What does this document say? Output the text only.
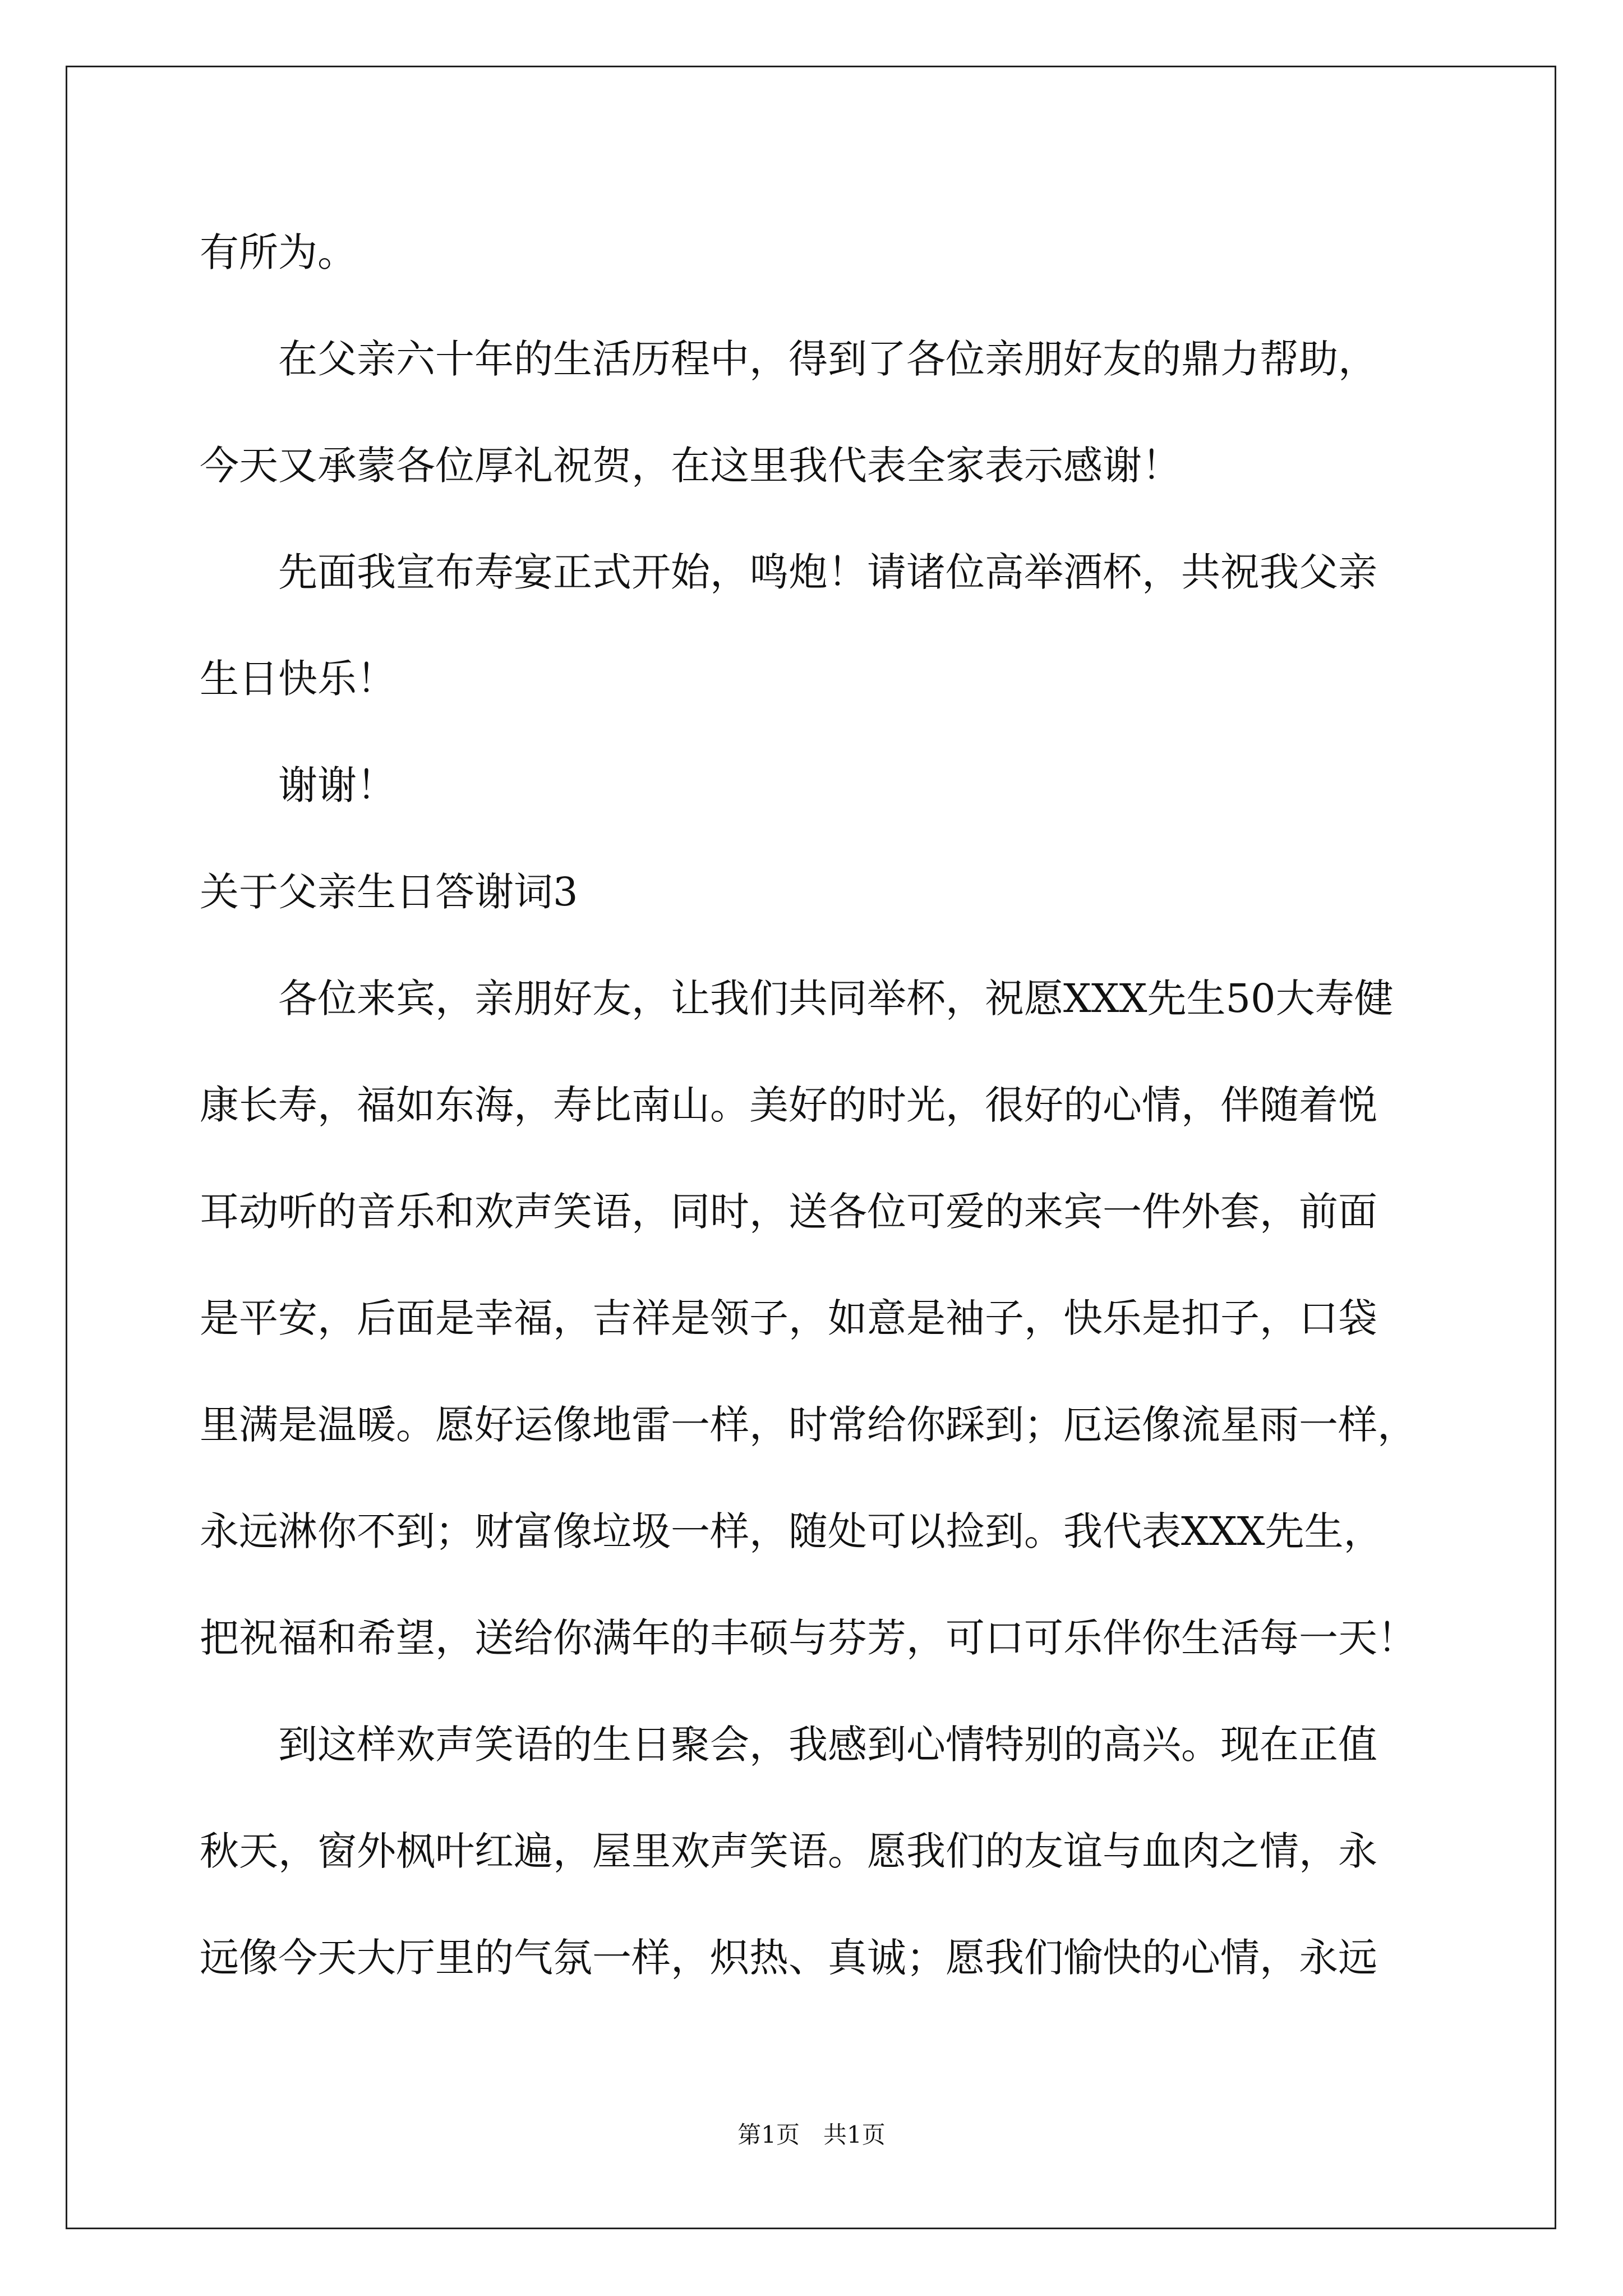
有所为。
　　在父亲六十年的生活历程中，得到了各位亲朋好友的鼎力帮助，
今天又承蒙各位厚礼祝贺，在这里我代表全家表示感谢！
　　先面我宣布寿宴正式开始，鸣炮！请诸位高举酒杯，共祝我父亲
生日快乐！
　　谢谢！
关于父亲生日答谢词3
　　各位来宾，亲朋好友，让我们共同举杯，祝愿XXX先生50大寿健
康长寿，福如东海，寿比南山。美好的时光，很好的心情，伴随着悦
耳动听的音乐和欢声笑语，同时，送各位可爱的来宾一件外套，前面
是平安，后面是幸福，吉祥是领子，如意是袖子，快乐是扣子，口袋
里满是温暖。愿好运像地雷一样，时常给你踩到；厄运像流星雨一样，
永远淋你不到；财富像垃圾一样，随处可以捡到。我代表XXX先生，
把祝福和希望，送给你满年的丰硕与芬芳，可口可乐伴你生活每一天！
　　到这样欢声笑语的生日聚会，我感到心情特别的高兴。现在正值
秋天，窗外枫叶红遍，屋里欢声笑语。愿我们的友谊与血肉之情，永
远像今天大厅里的气氛一样，炽热、真诚；愿我们愉快的心情，永远
第1页　共1页
